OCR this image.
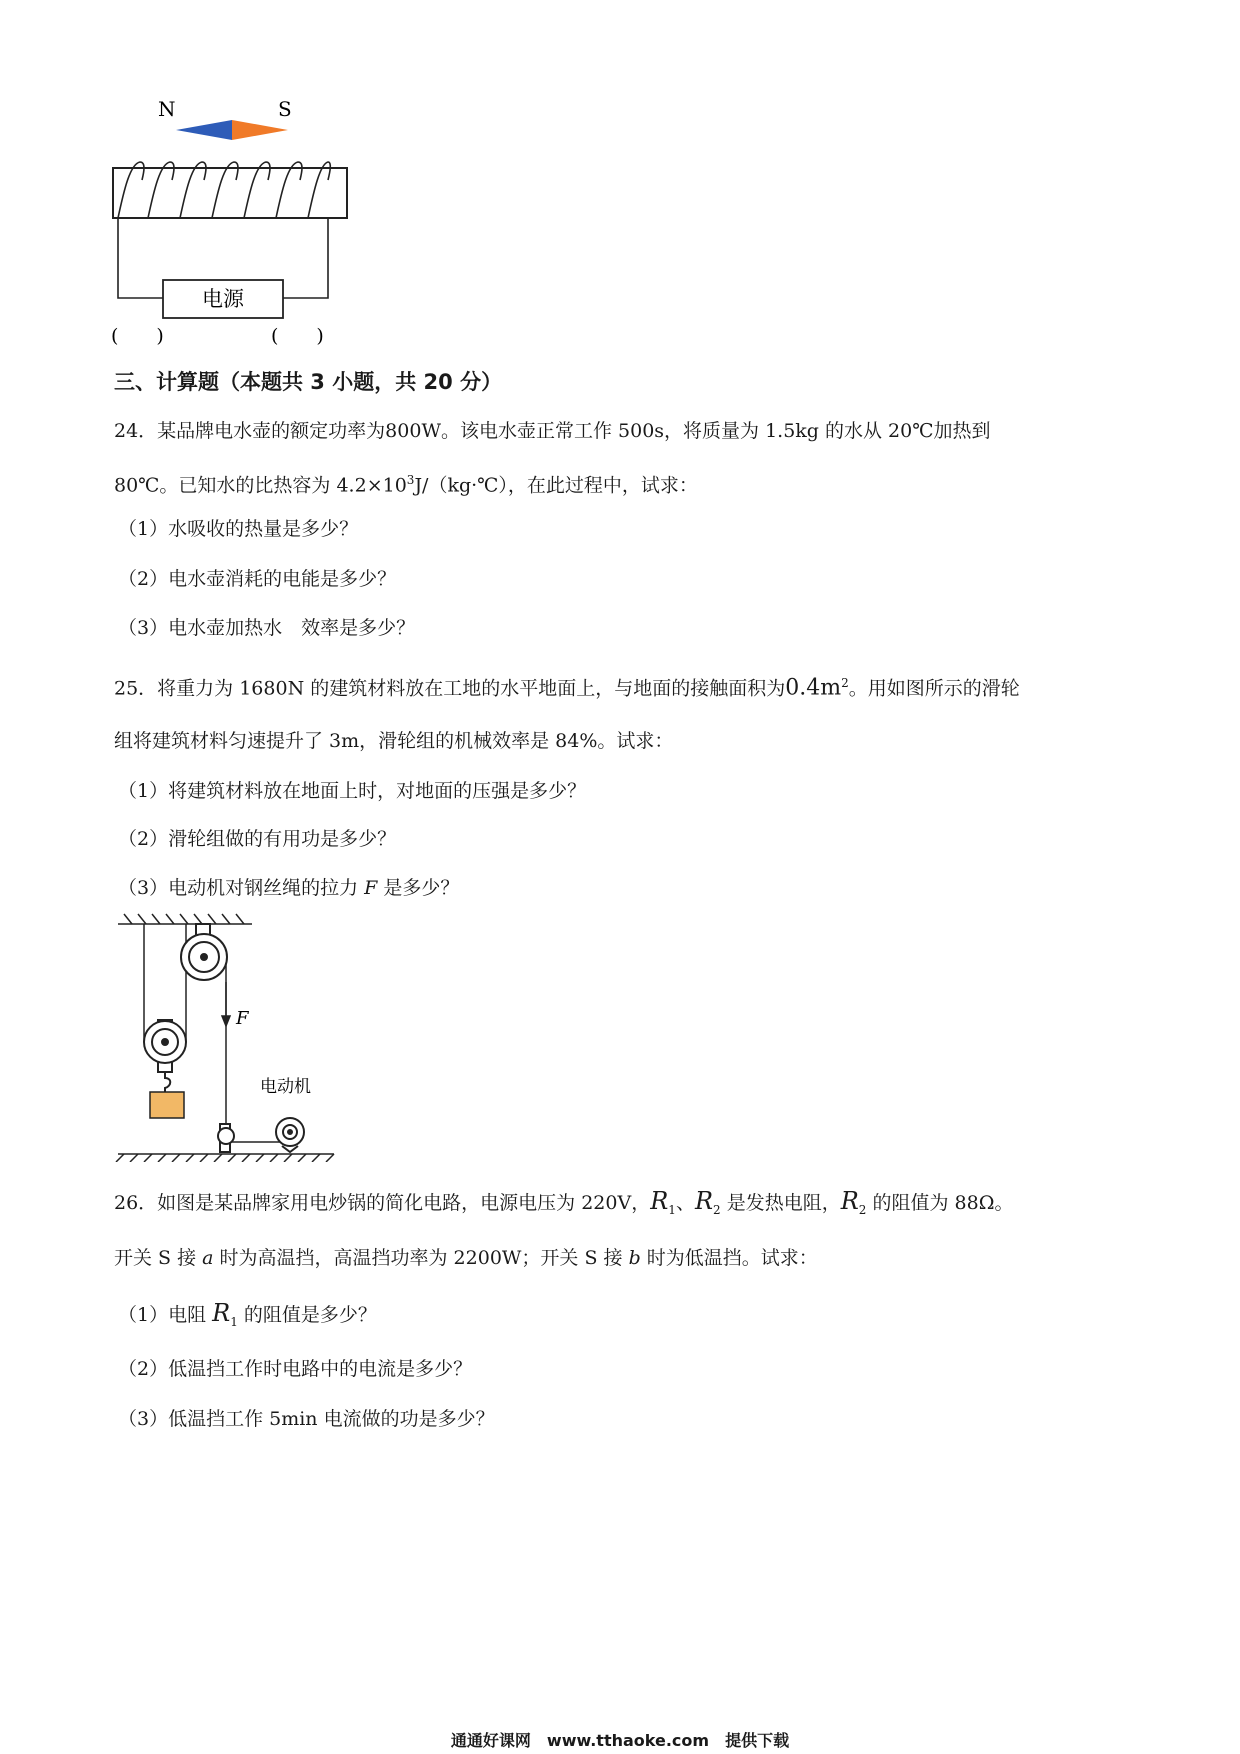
N	S
电源
(　　)	(　　)
三、计算题（本题共 3 小题，共 20 分）
24．某品牌电水壶的额定功率为800W。该电水壶正常工作 500s，将质量为 1.5kg 的水从 20℃加热到
80℃。已知水的比热容为 $4.2\times 10^3J/(kg\cdot℃)$，在此过程中，试求：
（1）水吸收的热量是多少？
（2）电水壶消耗的电能是多少？
（3）电水壶加热水　效率是多少？
25．将重力为 1680N 的建筑材料放在工地的水平地面上，与地面的接触面积为$0.4m^2$。用如图所示的滑轮
组将建筑材料匀速提升了 3m，滑轮组的机械效率是 84%。试求：
（1）将建筑材料放在地面上时，对地面的压强是多少？
（2）滑轮组做的有用功是多少？
（3）电动机对钢丝绳的拉力 F 是多少？
F
电动机
26．如图是某品牌家用电炒锅的简化电路，电源电压为 220V，$R_1$、$R_2$ 是发热电阻，$R_2$ 的阻值为 88Ω。
开关 S 接 a 时为高温挡，高温挡功率为 2200W；开关 S 接 b 时为低温挡。试求：
（1）电阻 $R_1$ 的阻值是多少？
（2）低温挡工作时电路中的电流是多少？
（3）低温挡工作 5min 电流做的功是多少？
通通好课网　www.tthaoke.com　提供下载
